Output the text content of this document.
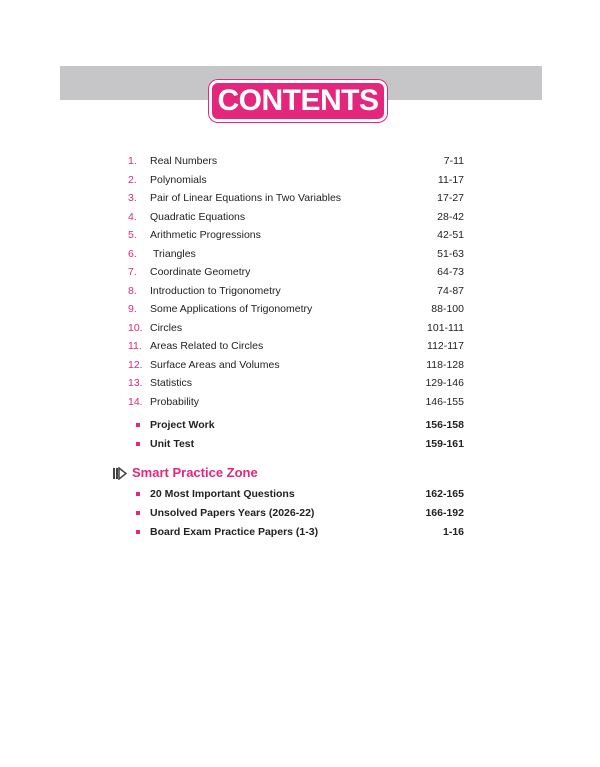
CONTENTS
1. Real Numbers	7-11
2. Polynomials	11-17
3. Pair of Linear Equations in Two Variables	17-27
4. Quadratic Equations	28-42
5. Arithmetic Progressions	42-51
6. Triangles	51-63
7. Coordinate Geometry	64-73
8. Introduction to Trigonometry	74-87
9. Some Applications of Trigonometry	88-100
10. Circles	101-111
11. Areas Related to Circles	112-117
12. Surface Areas and Volumes	118-128
13. Statistics	129-146
14. Probability	146-155
Project Work	156-158
Unit Test	159-161
Smart Practice Zone
20 Most Important Questions	162-165
Unsolved Papers Years (2026-22)	166-192
Board Exam Practice Papers (1-3)	1-16
